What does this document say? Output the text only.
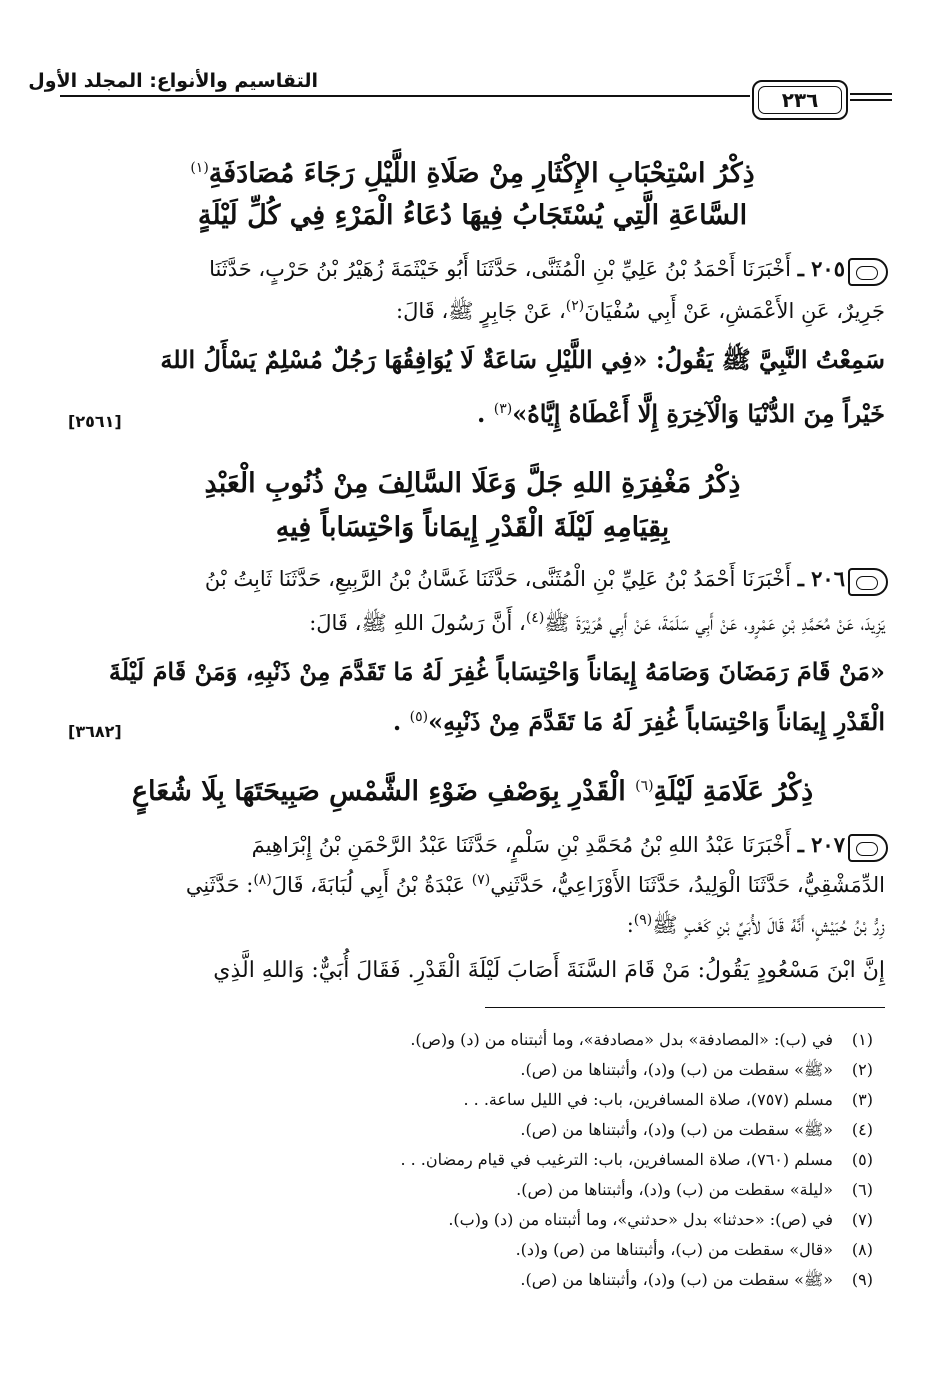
التقاسيم والأنواع: المجلد الأول
٢٣٦
ذِكْرُ اسْتِحْبَابِ الإِكْثَارِ مِنْ صَلَاةِ اللَّيْلِ رَجَاءَ مُصَادَفَةِ$^{(١)}$
السَّاعَةِ الَّتِي يُسْتَجَابُ فِيهَا دُعَاءُ الْمَرْءِ فِي كُلِّ لَيْلَةٍ
٢٠٥ ـ أَخْبَرَنَا أَحْمَدُ بْنُ عَلِيِّ بْنِ الْمُثَنَّى، حَدَّثَنَا أَبُو خَيْثَمَةَ زُهَيْرُ بْنُ حَرْبٍ، حَدَّثَنَا
جَرِيرٌ، عَنِ الأَعْمَشِ، عَنْ أَبِي سُفْيَانَ$^{(٢)}$، عَنْ جَابِرٍ ﷺ، قَالَ:
سَمِعْتُ النَّبِيَّ ﷺ يَقُولُ: «فِي اللَّيْلِ سَاعَةٌ لَا يُوَافِقُهَا رَجُلٌ مُسْلِمٌ يَسْأَلُ اللهَ
خَيْراً مِنَ الدُّنْيَا وَالْآخِرَةِ إِلَّا أَعْطَاهُ إِيَّاهُ»$^{(٣)}$ .
[٢٥٦١]
ذِكْرُ مَغْفِرَةِ اللهِ جَلَّ وَعَلَا السَّالِفَ مِنْ ذُنُوبِ الْعَبْدِ
بِقِيَامِهِ لَيْلَةَ الْقَدْرِ إِيمَاناً وَاحْتِسَاباً فِيهِ
٢٠٦ ـ أَخْبَرَنَا أَحْمَدُ بْنُ عَلِيِّ بْنِ الْمُثَنَّى، حَدَّثَنَا غَسَّانُ بْنُ الرَّبِيعِ، حَدَّثَنَا ثَابِتُ بْنُ
يَزِيدَ، عَنْ مُحَمَّدِ بْنِ عَمْرٍو، عَنْ أَبِي سَلَمَةَ، عَنْ أَبِي هُرَيْرَةَ ﷺ$^{(٤)}$، أَنَّ رَسُولَ اللهِ ﷺ، قَالَ:
«مَنْ قَامَ رَمَضَانَ وَصَامَهُ إِيمَاناً وَاحْتِسَاباً غُفِرَ لَهُ مَا تَقَدَّمَ مِنْ ذَنْبِهِ، وَمَنْ قَامَ لَيْلَةَ
الْقَدْرِ إِيمَاناً وَاحْتِسَاباً غُفِرَ لَهُ مَا تَقَدَّمَ مِنْ ذَنْبِهِ»$^{(٥)}$ .
[٣٦٨٢]
ذِكْرُ عَلَامَةِ لَيْلَةِ$^{(٦)}$ الْقَدْرِ بِوَصْفِ ضَوْءِ الشَّمْسِ صَبِيحَتَهَا بِلَا شُعَاعٍ
٢٠٧ ـ أَخْبَرَنَا عَبْدُ اللهِ بْنُ مُحَمَّدِ بْنِ سَلْمٍ، حَدَّثَنَا عَبْدُ الرَّحْمَنِ بْنُ إِبْرَاهِيمَ
الدِّمَشْقِيُّ، حَدَّثَنَا الْوَلِيدُ، حَدَّثَنَا الأَوْزَاعِيُّ، حَدَّثَنِي$^{(٧)}$ عَبْدَةُ بْنُ أَبِي لُبَابَةَ، قَالَ$^{(٨)}$: حَدَّثَنِي
زِرُّ بْنُ حُبَيْشٍ، أَنَّهُ قَالَ لأُبَيِّ بْنِ كَعْبٍ ﷺ$^{(٩)}$:
إِنَّ ابْنَ مَسْعُودٍ يَقُولُ: مَنْ قَامَ السَّنَةَ أَصَابَ لَيْلَةَ الْقَدْرِ. فَقَالَ أُبَيٌّ: وَاللهِ الَّذِي
(١)في (ب): «المصادفة» بدل «مصادفة»، وما أثبتناه من (د) و(ص).
(٢)«ﷺ» سقطت من (ب) و(د)، وأثبتناها من (ص).
(٣)مسلم (٧٥٧)، صلاة المسافرين، باب: في الليل ساعة. . .
(٤)«ﷺ» سقطت من (ب) و(د)، وأثبتناها من (ص).
(٥)مسلم (٧٦٠)، صلاة المسافرين، باب: الترغيب في قيام رمضان. . .
(٦)«ليلة» سقطت من (ب) و(د)، وأثبتناها من (ص).
(٧)في (ص): «حدثنا» بدل «حدثني»، وما أثبتناه من (د) و(ب).
(٨)«قال» سقطت من (ب)، وأثبتناها من (ص) و(د).
(٩)«ﷺ» سقطت من (ب) و(د)، وأثبتناها من (ص).
